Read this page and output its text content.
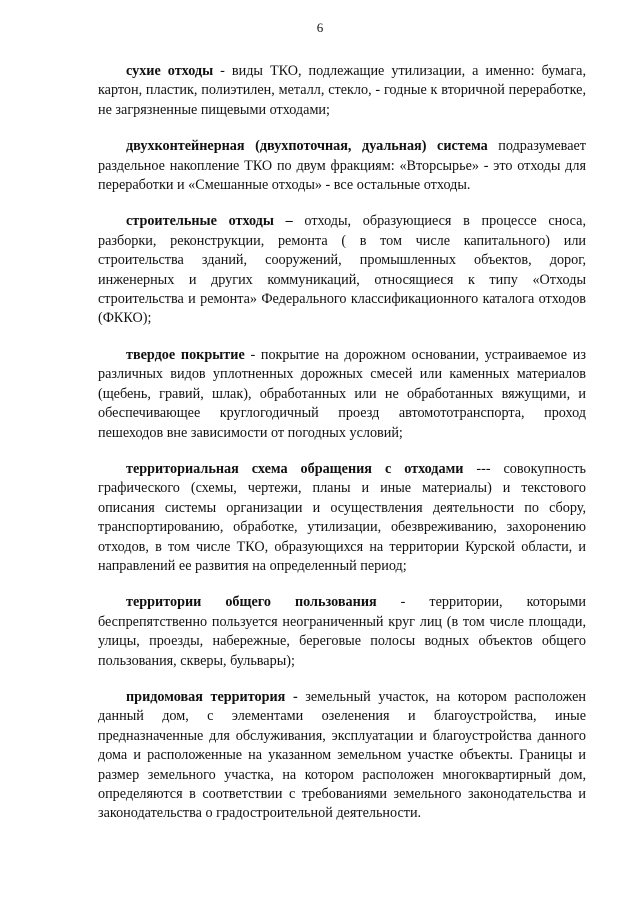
6

сухие отходы - виды ТКО, подлежащие утилизации, а именно: бумага, картон, пластик, полиэтилен, металл, стекло, - годные к вторичной переработке, не загрязненные пищевыми отходами;

двухконтейнерная (двухпоточная, дуальная) система подразумевает раздельное накопление ТКО по двум фракциям: «Вторсырье» - это отходы для переработки и «Смешанные отходы» - все остальные отходы.

строительные отходы – отходы, образующиеся в процессе сноса, разборки, реконструкции, ремонта ( в том числе капитального) или строительства зданий, сооружений, промышленных объектов, дорог, инженерных и других коммуникаций, относящиеся к типу «Отходы строительства и ремонта» Федерального классификационного каталога отходов (ФККО);

твердое покрытие - покрытие на дорожном основании, устраиваемое из различных видов уплотненных дорожных смесей или каменных материалов (щебень, гравий, шлак), обработанных или не обработанных вяжущими, и обеспечивающее круглогодичный проезд автомототранспорта, проход пешеходов вне зависимости от погодных условий;

территориальная схема обращения с отходами --- совокупность графического (схемы, чертежи, планы и иные материалы) и текстового описания системы организации и осуществления деятельности по сбору, транспортированию, обработке, утилизации, обезвреживанию, захоронению отходов, в том числе ТКО, образующихся на территории Курской области, и направлений ее развития на определенный период;

территории общего пользования - территории, которыми беспрепятственно пользуется неограниченный круг лиц (в том числе площади, улицы, проезды, набережные, береговые полосы водных объектов общего пользования, скверы, бульвары);

придомовая территория - земельный участок, на котором расположен данный дом, с элементами озеленения и благоустройства, иные предназначенные для обслуживания, эксплуатации и благоустройства данного дома и расположенные на указанном земельном участке объекты. Границы и размер земельного участка, на котором расположен многоквартирный дом, определяются в соответствии с требованиями земельного законодательства и законодательства о градостроительной деятельности.
